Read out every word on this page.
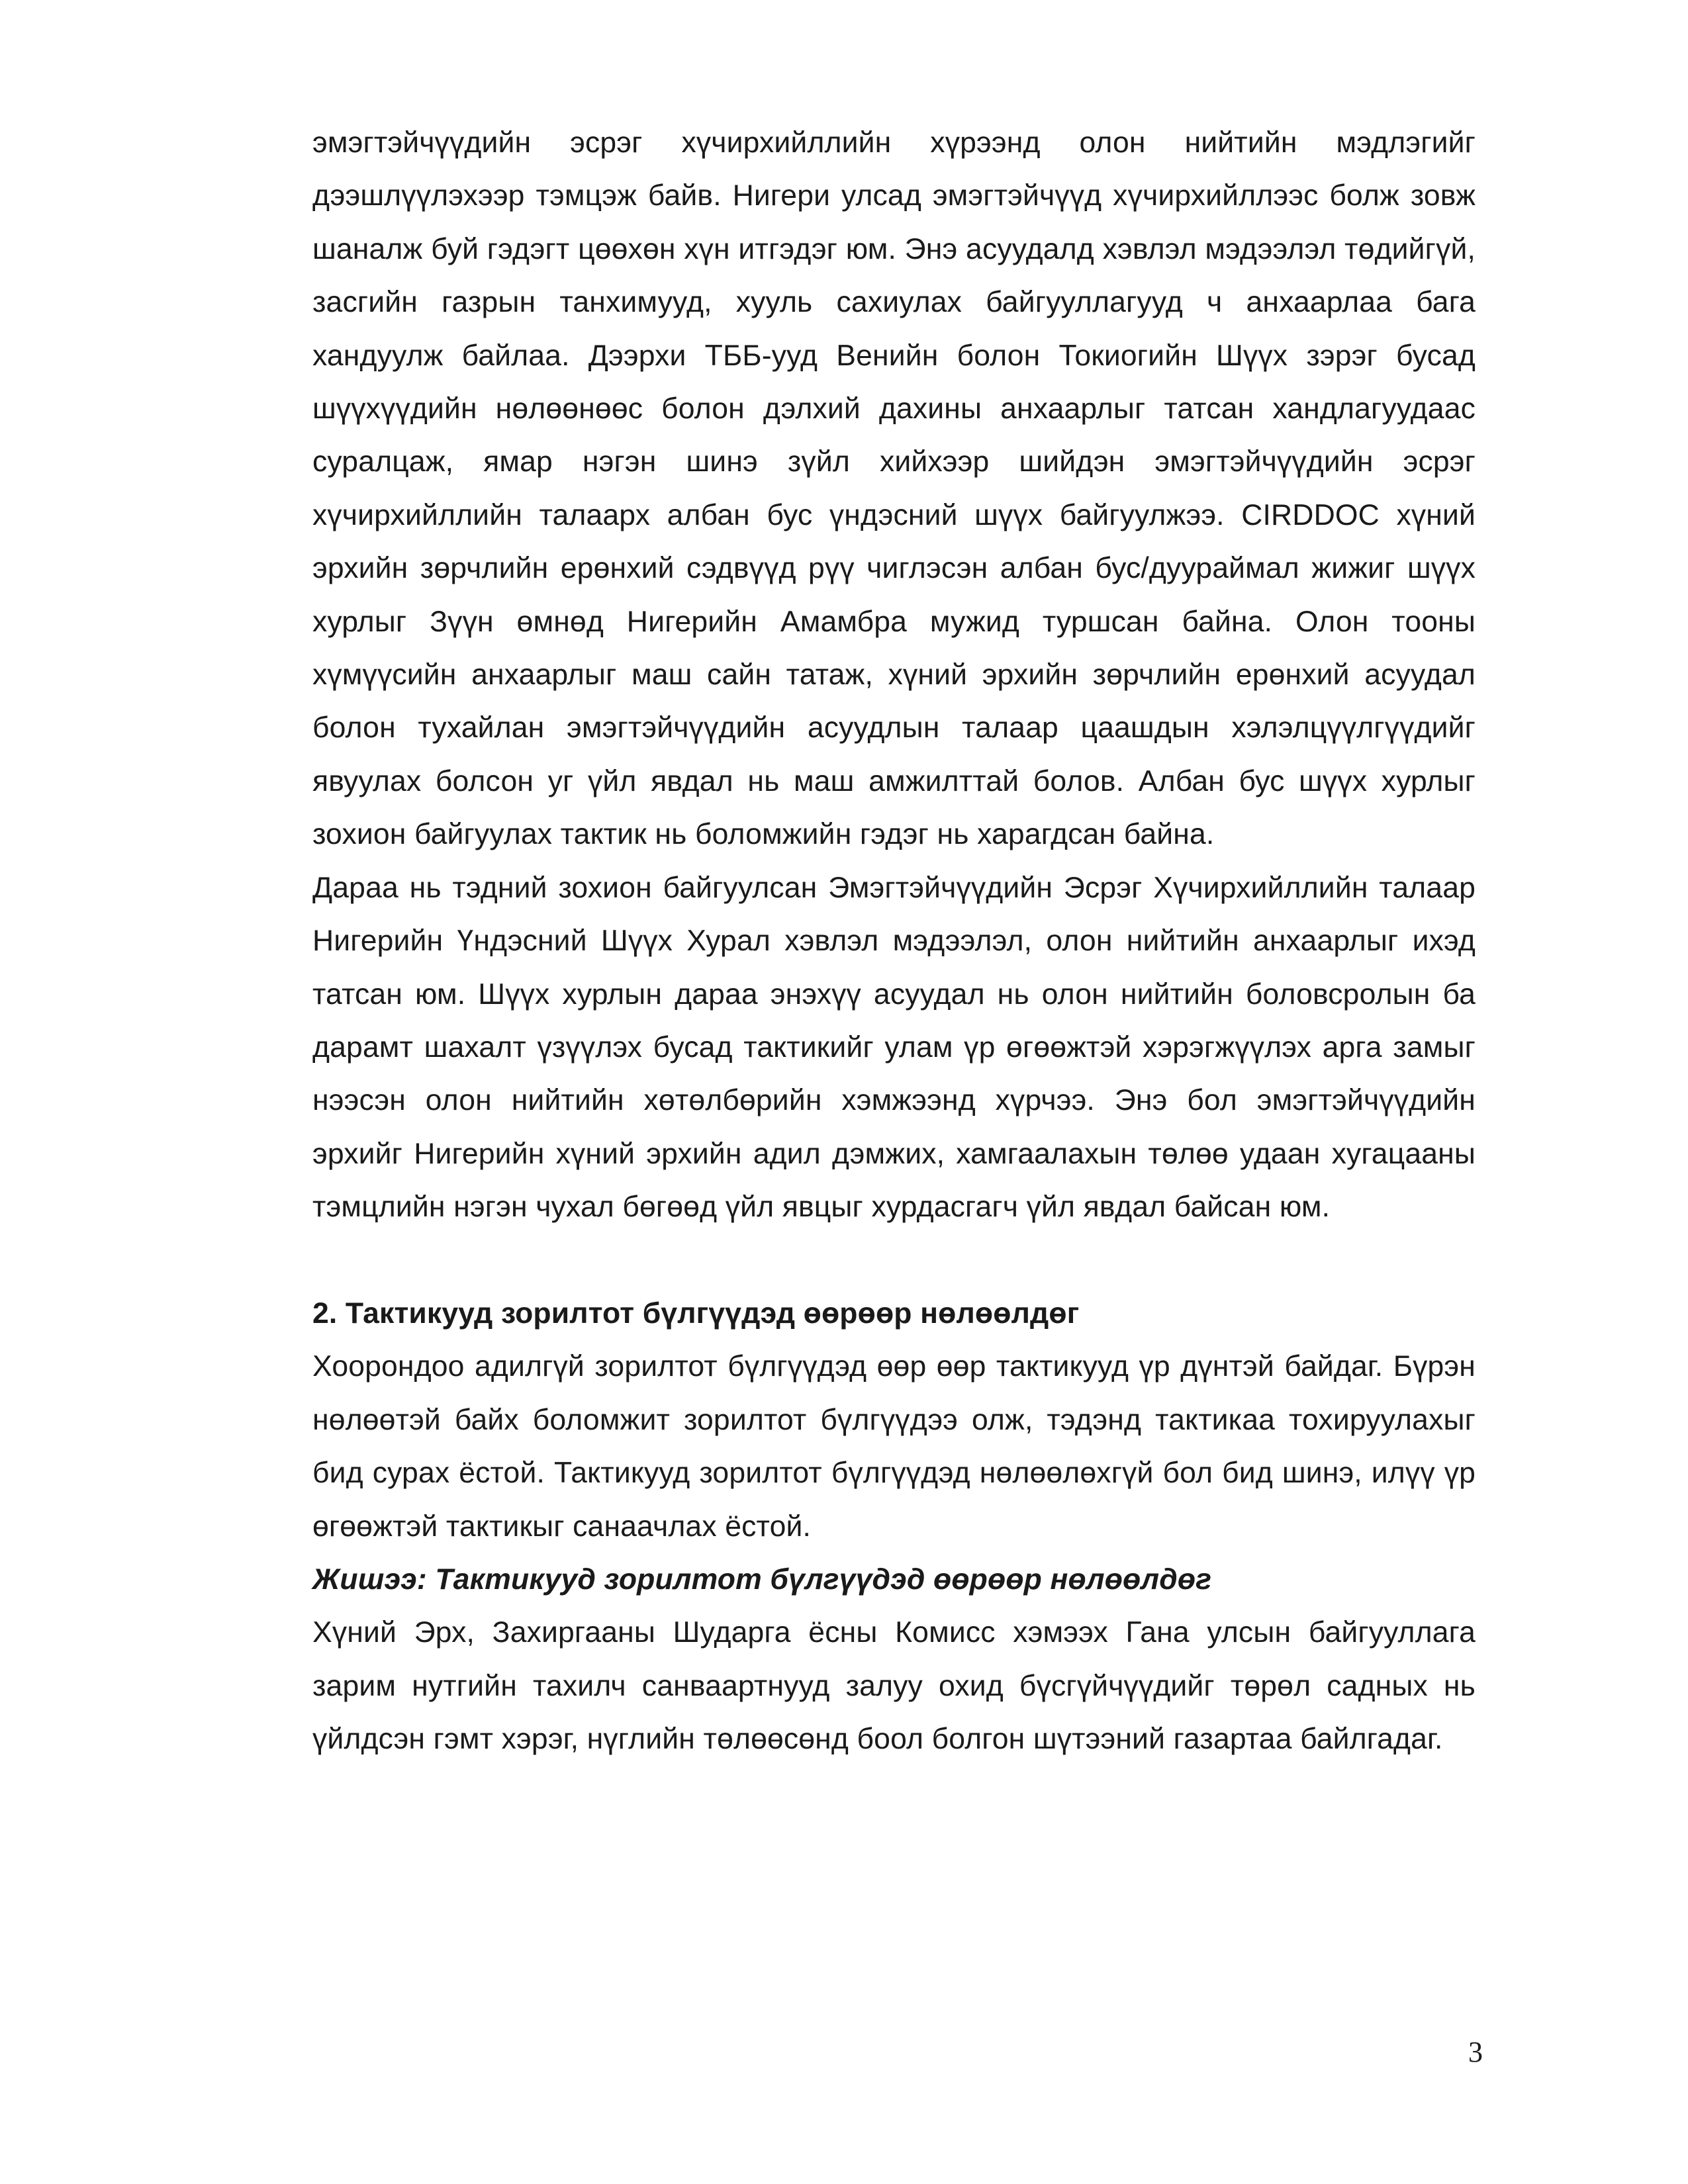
эмэгтэйчүүдийн эсрэг хүчирхийллийн хүрээнд олон нийтийн мэдлэгийг дээшлүүлэхээр тэмцэж байв. Нигери улсад эмэгтэйчүүд хүчирхийллээс болж зовж шаналж буй гэдэгт цөөхөн хүн итгэдэг юм. Энэ асуудалд хэвлэл мэдээлэл төдийгүй, засгийн газрын танхимууд, хууль сахиулах байгууллагууд ч анхаарлаа бага хандуулж байлаа. Дээрхи ТББ-ууд Венийн болон Токиогийн Шүүх зэрэг бусад шүүхүүдийн нөлөөнөөс болон дэлхий дахины анхаарлыг татсан хандлагуудаас суралцаж, ямар нэгэн шинэ зүйл хийхээр шийдэн эмэгтэйчүүдийн эсрэг хүчирхийллийн талаарх албан бус үндэсний шүүх байгуулжээ. CIRDDOC хүний эрхийн зөрчлийн ерөнхий сэдвүүд рүү чиглэсэн албан бус/дуураймал жижиг шүүх хурлыг Зүүн өмнөд Нигерийн Амамбра мужид туршсан байна. Олон тооны хүмүүсийн анхаарлыг маш сайн татаж, хүний эрхийн зөрчлийн ерөнхий асуудал болон тухайлан эмэгтэйчүүдийн асуудлын талаар цаашдын хэлэлцүүлгүүдийг явуулах болсон уг үйл явдал нь маш амжилттай болов. Албан бус шүүх хурлыг зохион байгуулах тактик нь боломжийн гэдэг нь харагдсан байна.

Дараа нь тэдний зохион байгуулсан Эмэгтэйчүүдийн Эсрэг Хүчирхийллийн талаар Нигерийн Үндэсний Шүүх Хурал хэвлэл мэдээлэл, олон нийтийн анхаарлыг ихэд татсан юм. Шүүх хурлын дараа энэхүү асуудал нь олон нийтийн боловсролын ба дарамт шахалт үзүүлэх бусад тактикийг улам үр өгөөжтэй хэрэгжүүлэх арга замыг нээсэн олон нийтийн хөтөлбөрийн хэмжээнд хүрчээ. Энэ бол эмэгтэйчүүдийн эрхийг Нигерийн хүний эрхийн адил дэмжих, хамгаалахын төлөө удаан хугацааны тэмцлийн нэгэн чухал бөгөөд үйл явцыг хурдасгагч үйл явдал байсан юм.

2. Тактикууд зорилтот бүлгүүдэд өөрөөр нөлөөлдөг

Хоорондоо адилгүй зорилтот бүлгүүдэд өөр өөр тактикууд үр дүнтэй байдаг. Бүрэн нөлөөтэй байх боломжит зорилтот бүлгүүдээ олж, тэдэнд тактикаа тохируулахыг бид сурах ёстой. Тактикууд зорилтот бүлгүүдэд нөлөөлөхгүй бол бид шинэ, илүү үр өгөөжтэй тактикыг санаачлах ёстой.

Жишээ: Тактикууд зорилтот бүлгүүдэд өөрөөр нөлөөлдөг

Хүний Эрх, Захиргааны Шударга ёсны Комисс хэмээх Гана улсын байгууллага зарим нутгийн тахилч санваартнууд залуу охид бүсгүйчүүдийг төрөл садных нь үйлдсэн гэмт хэрэг, нүглийн төлөөсөнд боол болгон шүтээний газартаа байлгадаг.

3
